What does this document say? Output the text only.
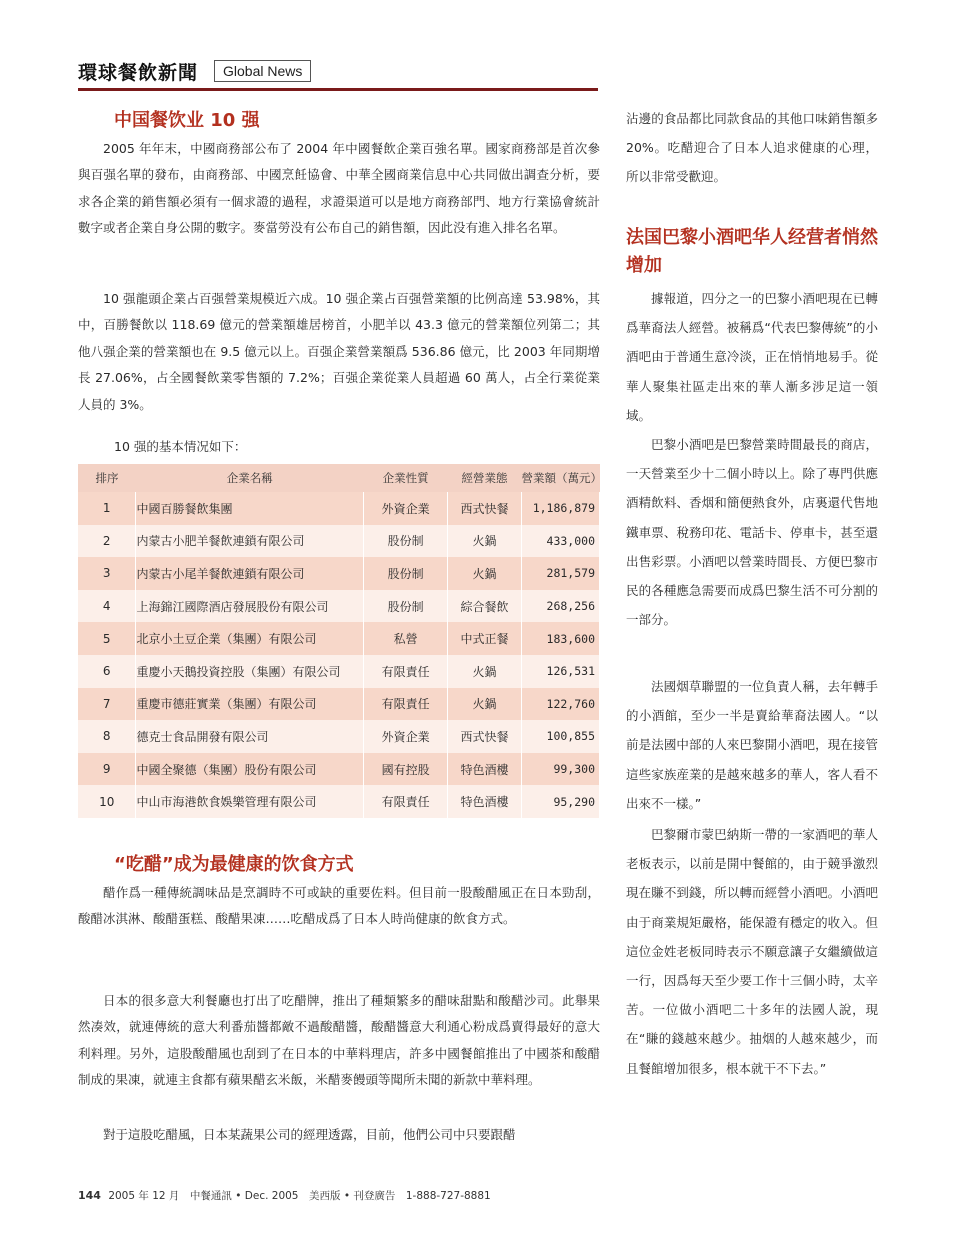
環球餐飲新聞	Global News
中国餐饮业 10 强
2005 年年末，中國商務部公布了 2004 年中國餐飲企業百強名單。國家商務部是首次參與百强名單的發布，由商務部、中國烹飪協會、中華全國商業信息中心共同做出調查分析，要求各企業的銷售額必須有一個求證的過程，求證渠道可以是地方商務部門、地方行業協會統計數字或者企業自身公開的數字。麥當勞没有公布自己的銷售額，因此没有進入排名名單。
10 强龍頭企業占百强營業規模近六成。10 强企業占百强營業額的比例高達 53.98%，其中，百勝餐飲以 118.69 億元的營業額雄居榜首，小肥羊以 43.3 億元的營業額位列第二；其他八强企業的營業額也在 9.5 億元以上。百强企業營業額爲 536.86 億元，比 2003 年同期增長 27.06%，占全國餐飲業零售額的 7.2%；百强企業從業人員超過 60 萬人，占全行業從業人員的 3%。
10 强的基本情况如下：
排序	企業名稱	企業性質	經營業態	營業額（萬元）
1	中國百勝餐飲集團	外資企業	西式快餐	1,186,879
2	内蒙古小肥羊餐飲連鎖有限公司	股份制	火鍋	433,000
3	内蒙古小尾羊餐飲連鎖有限公司	股份制	火鍋	281,579
4	上海錦江國際酒店發展股份有限公司	股份制	綜合餐飲	268,256
5	北京小土豆企業（集團）有限公司	私營	中式正餐	183,600
6	重慶小天鵝投資控股（集團）有限公司	有限責任	火鍋	126,531
7	重慶市德莊實業（集團）有限公司	有限責任	火鍋	122,760
8	德克士食品開發有限公司	外資企業	西式快餐	100,855
9	中國全聚德（集團）股份有限公司	國有控股	特色酒樓	99,300
10	中山市海港飲食娛樂管理有限公司	有限責任	特色酒樓	95,290
“吃醋”成为最健康的饮食方式
醋作爲一種傳統調味品是烹調時不可或缺的重要佐料。但目前一股酸醋風正在日本勁刮，酸醋冰淇淋、酸醋蛋糕、酸醋果凍……吃醋成爲了日本人時尚健康的飲食方式。
日本的很多意大利餐廳也打出了吃醋牌，推出了種類繁多的醋味甜點和酸醋沙司。此舉果然凑效，就連傳統的意大利番茄醬都敵不過酸醋醬，酸醋醬意大利通心粉成爲賣得最好的意大利料理。另外，這股酸醋風也刮到了在日本的中華料理店，許多中國餐館推出了中國茶和酸醋制成的果凍，就連主食都有蘋果醋玄米飯，米醋麥饅頭等聞所未聞的新款中華料理。
對于這股吃醋風，日本某蔬果公司的經理透露，目前，他們公司中只要跟醋
沾邊的食品都比同款食品的其他口味銷售額多 20%。吃醋迎合了日本人追求健康的心理，所以非常受歡迎。
法国巴黎小酒吧华人经营者悄然增加
據報道，四分之一的巴黎小酒吧現在已轉爲華裔法人經營。被稱爲“代表巴黎傳統”的小酒吧由于普通生意冷淡，正在悄悄地易手。從華人聚集社區走出來的華人漸多涉足這一領域。
巴黎小酒吧是巴黎營業時間最長的商店，一天營業至少十二個小時以上。除了專門供應酒精飲料、香烟和簡便熱食外，店裏還代售地鐵車票、稅務印花、電話卡、停車卡，甚至還出售彩票。小酒吧以營業時間長、方便巴黎市民的各種應急需要而成爲巴黎生活不可分割的一部分。
法國烟草聯盟的一位負責人稱，去年轉手的小酒館，至少一半是賣給華裔法國人。“以前是法國中部的人來巴黎開小酒吧，現在接管這些家族産業的是越來越多的華人，客人看不出來不一樣。”
巴黎爾市蒙巴納斯一帶的一家酒吧的華人老板表示，以前是開中餐館的，由于競爭激烈現在賺不到錢，所以轉而經營小酒吧。小酒吧由于商業規矩嚴格，能保證有穩定的收入。但這位金姓老板同時表示不願意讓子女繼續做這一行，因爲每天至少要工作十三個小時，太辛苦。一位做小酒吧二十多年的法國人說，現在“賺的錢越來越少。抽烟的人越來越少，而且餐館增加很多，根本就干不下去。”
144 2005 年 12 月　中餐通訊 • Dec. 2005　美西版 • 刊登廣告　1-888-727-8881
